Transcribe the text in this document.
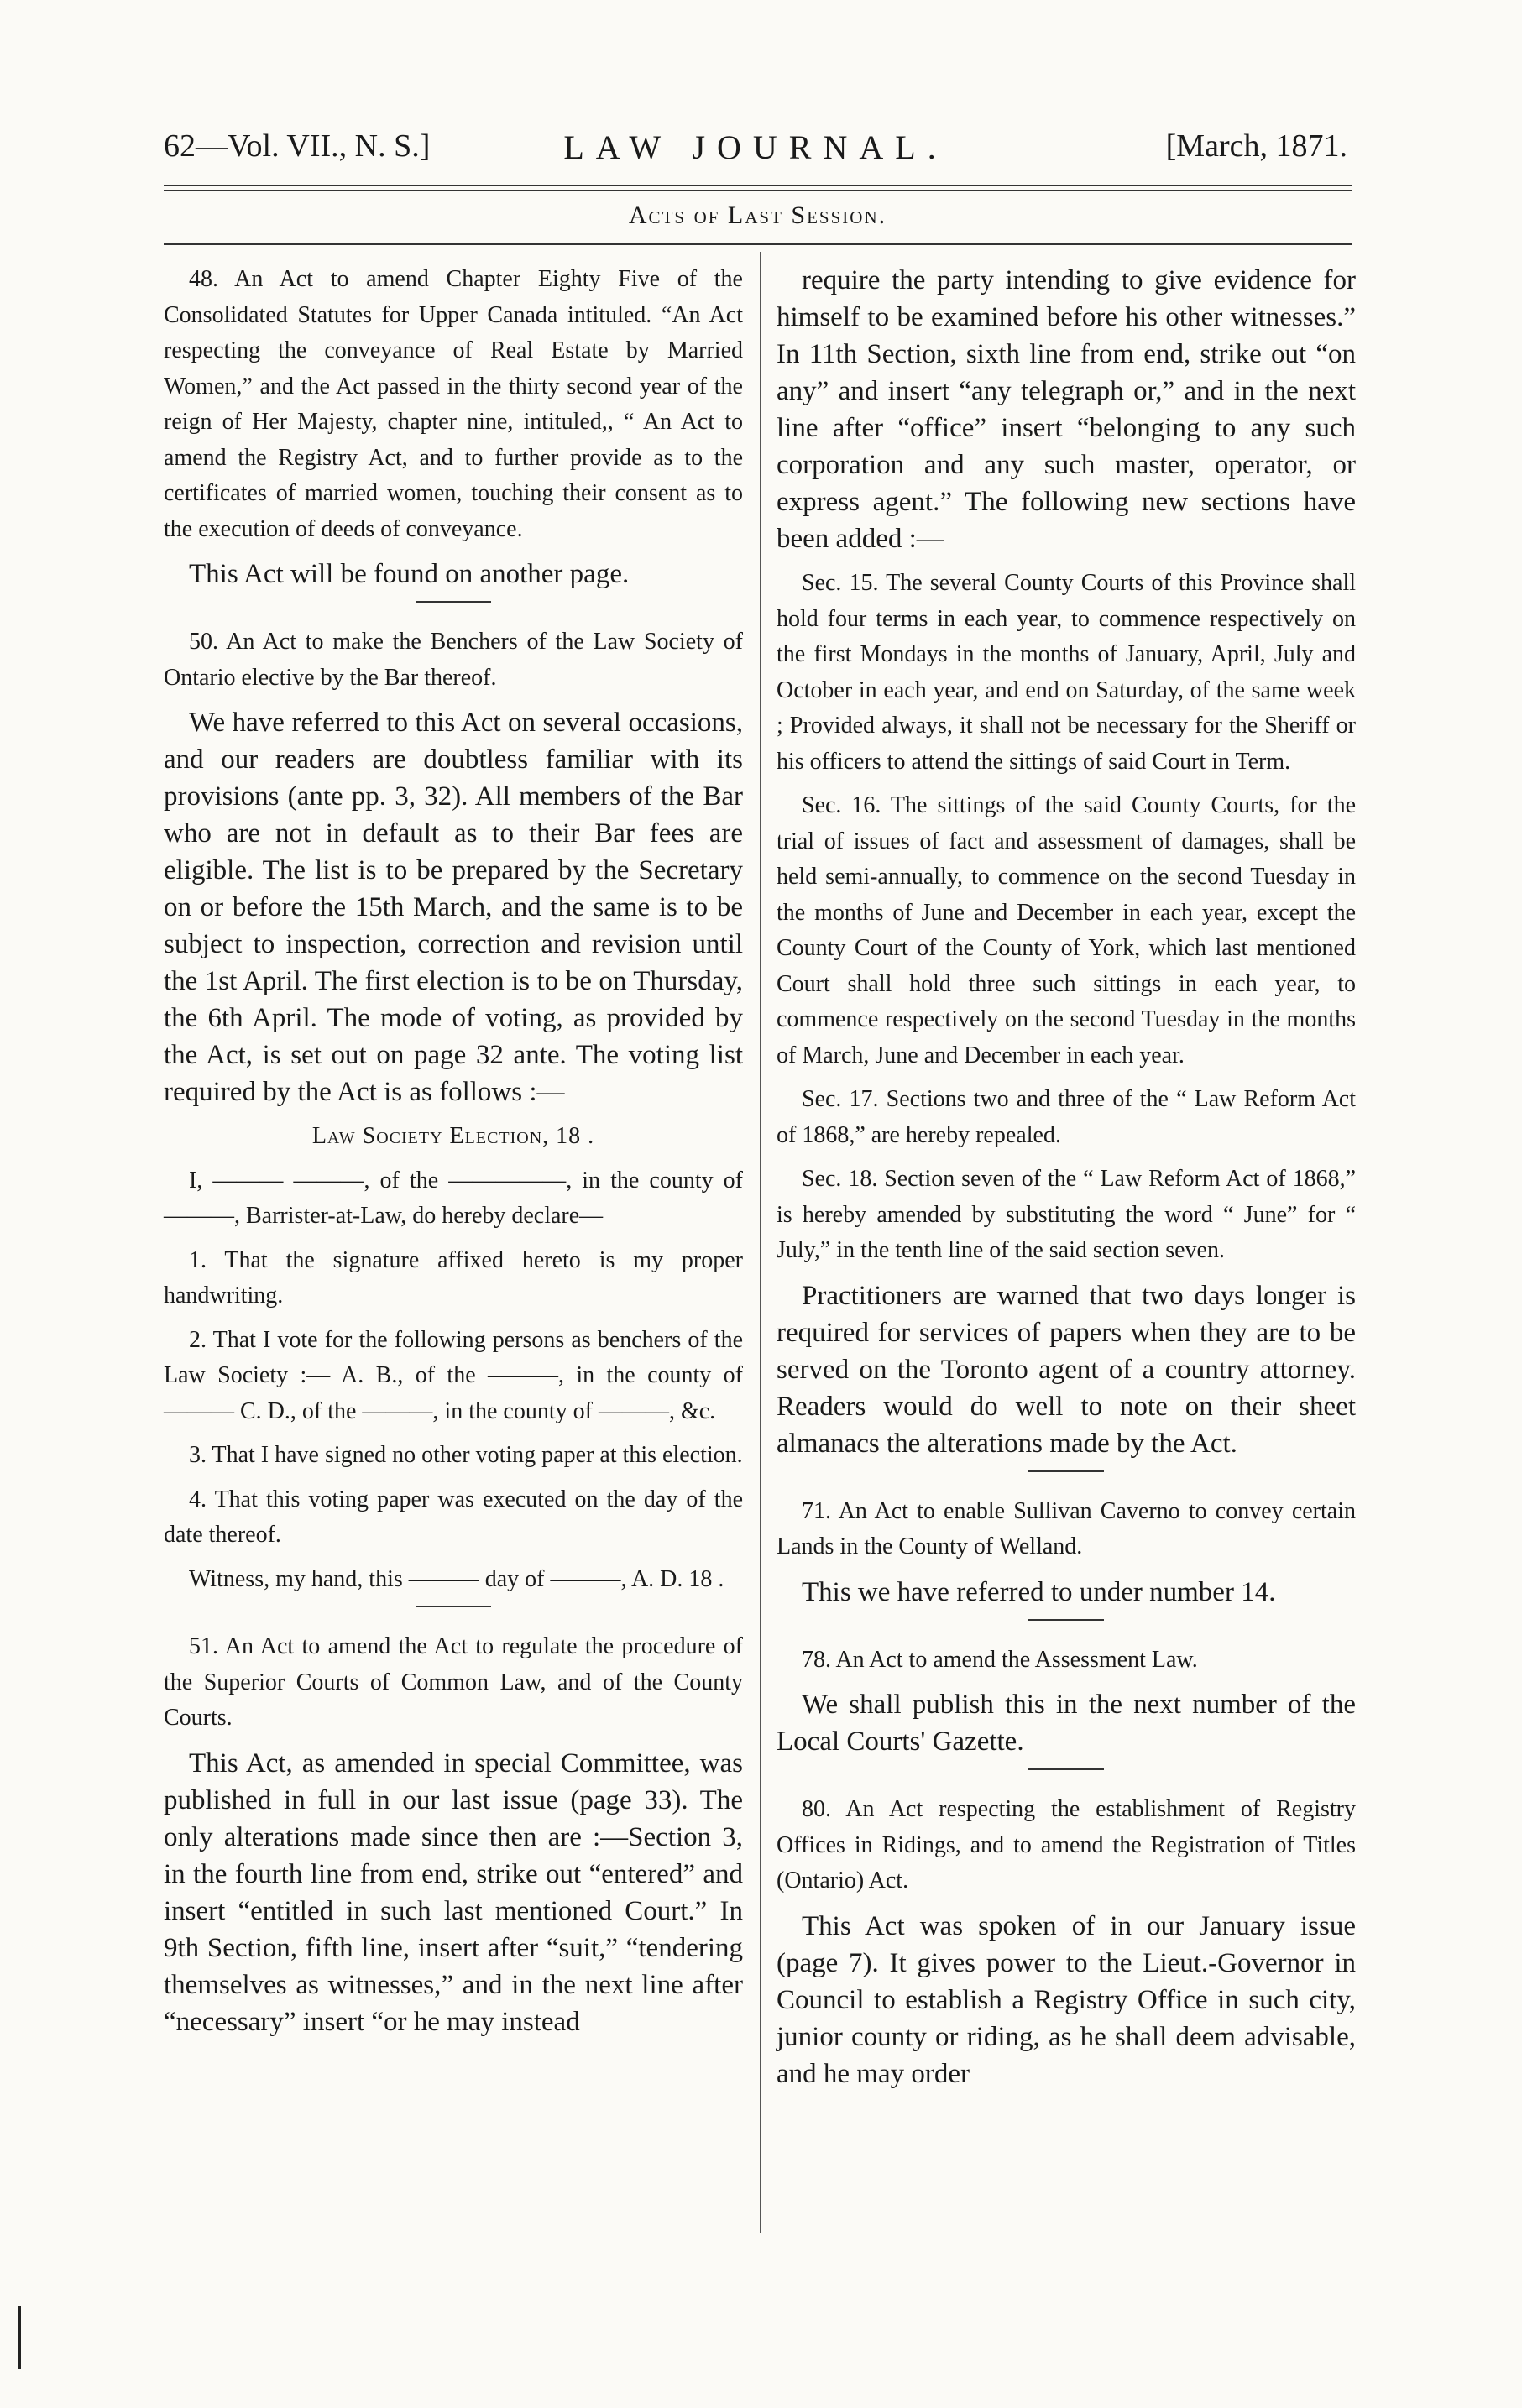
62—Vol. VII., N. S.]	LAW JOURNAL.	[March, 1871.
Acts of Last Session.

48. An Act to amend Chapter Eighty Five of the Consolidated Statutes for Upper Canada intituled. “An Act respecting the conveyance of Real Estate by Married Women,” and the Act passed in the thirty second year of the reign of Her Majesty, chapter nine, intituled,, “ An Act to amend the Registry Act, and to further provide as to the certificates of married women, touching their consent as to the execution of deeds of conveyance.

This Act will be found on another page.

50. An Act to make the Benchers of the Law Society of Ontario elective by the Bar thereof.

We have referred to this Act on several occasions, and our readers are doubtless familiar with its provisions (ante pp. 3, 32). All members of the Bar who are not in default as to their Bar fees are eligible. The list is to be prepared by the Secretary on or before the 15th March, and the same is to be subject to inspection, correction and revision until the 1st April. The first election is to be on Thursday, the 6th April. The mode of voting, as provided by the Act, is set out on page 32 ante. The voting list required by the Act is as follows :—

Law Society Election, 18 .

I, ——— ———, of the —————, in the county of ———, Barrister-at-Law, do hereby declare—

1. That the signature affixed hereto is my proper handwriting.

2. That I vote for the following persons as benchers of the Law Society :— A. B., of the ———, in the county of ——— C. D., of the ———, in the county of ———, &c.

3. That I have signed no other voting paper at this election.

4. That this voting paper was executed on the day of the date thereof.

Witness, my hand, this ——— day of ———, A. D. 18 .

51. An Act to amend the Act to regulate the procedure of the Superior Courts of Common Law, and of the County Courts.

This Act, as amended in special Committee, was published in full in our last issue (page 33). The only alterations made since then are :—Section 3, in the fourth line from end, strike out “entered” and insert “entitled in such last mentioned Court.” In 9th Section, fifth line, insert after “suit,” “tendering themselves as witnesses,” and in the next line after “necessary” insert “or he may instead

require the party intending to give evidence for himself to be examined before his other witnesses.” In 11th Section, sixth line from end, strike out “on any” and insert “any telegraph or,” and in the next line after “office” insert “belonging to any such corporation and any such master, operator, or express agent.” The following new sections have been added :—

Sec. 15. The several County Courts of this Province shall hold four terms in each year, to commence respectively on the first Mondays in the months of January, April, July and October in each year, and end on Saturday, of the same week ; Provided always, it shall not be necessary for the Sheriff or his officers to attend the sittings of said Court in Term.

Sec. 16. The sittings of the said County Courts, for the trial of issues of fact and assessment of damages, shall be held semi-annually, to commence on the second Tuesday in the months of June and December in each year, except the County Court of the County of York, which last mentioned Court shall hold three such sittings in each year, to commence respectively on the second Tuesday in the months of March, June and December in each year.

Sec. 17. Sections two and three of the “ Law Reform Act of 1868,” are hereby repealed.

Sec. 18. Section seven of the “ Law Reform Act of 1868,” is hereby amended by substituting the word “ June” for “ July,” in the tenth line of the said section seven.

Practitioners are warned that two days longer is required for services of papers when they are to be served on the Toronto agent of a country attorney. Readers would do well to note on their sheet almanacs the alterations made by the Act.

71. An Act to enable Sullivan Caverno to convey certain Lands in the County of Welland.

This we have referred to under number 14.

78. An Act to amend the Assessment Law.

We shall publish this in the next number of the Local Courts' Gazette.

80. An Act respecting the establishment of Registry Offices in Ridings, and to amend the Registration of Titles (Ontario) Act.

This Act was spoken of in our January issue (page 7). It gives power to the Lieut.-Governor in Council to establish a Registry Office in such city, junior county or riding, as he shall deem advisable, and he may order
